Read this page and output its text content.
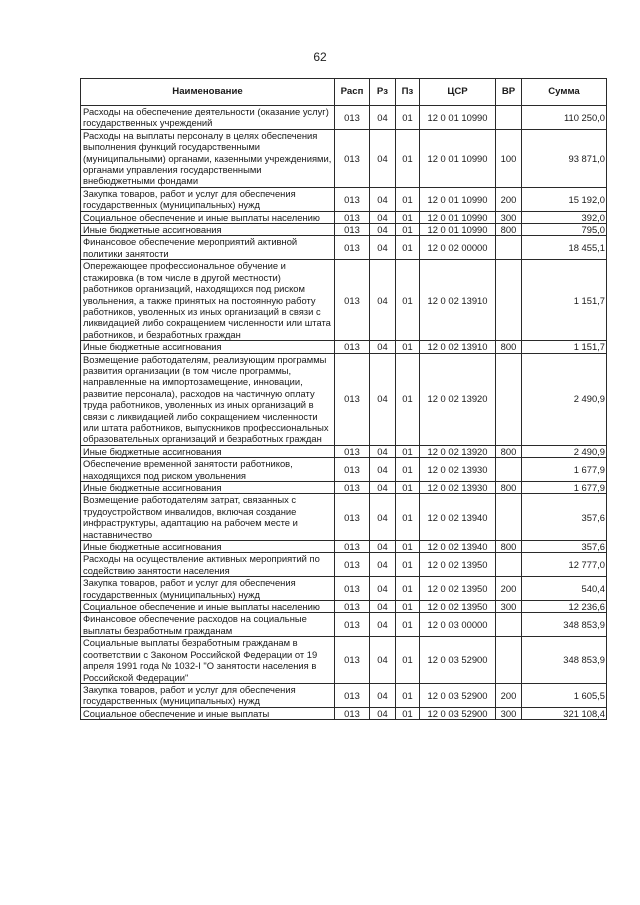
62
Наименование	Расп	Рз	Пз	ЦСР	ВР	Сумма
Расходы на обеспечение деятельности (оказание услуг) государственных учреждений	013	04	01	12 0 01 10990		110 250,0
Расходы на выплаты персоналу в целях обеспечения выполнения функций государственными (муниципальными) органами, казенными учреждениями, органами управления государственными внебюджетными фондами	013	04	01	12 0 01 10990	100	93 871,0
Закупка товаров, работ и услуг для обеспечения государственных (муниципальных) нужд	013	04	01	12 0 01 10990	200	15 192,0
Социальное обеспечение и иные выплаты населению	013	04	01	12 0 01 10990	300	392,0
Иные бюджетные ассигнования	013	04	01	12 0 01 10990	800	795,0
Финансовое обеспечение мероприятий активной политики занятости	013	04	01	12 0 02 00000		18 455,1
Опережающее профессиональное обучение и стажировка (в том числе в другой местности) работников организаций, находящихся под риском увольнения, а также принятых на постоянную работу работников, уволенных из иных организаций в связи с ликвидацией либо сокращением численности или штата работников, и безработных граждан	013	04	01	12 0 02 13910		1 151,7
Иные бюджетные ассигнования	013	04	01	12 0 02 13910	800	1 151,7
Возмещение работодателям, реализующим программы развития организации (в том числе программы, направленные на импортозамещение, инновации, развитие персонала), расходов на частичную оплату труда работников, уволенных из иных организаций в связи с ликвидацией либо сокращением численности или штата работников, выпускников профессиональных образовательных организаций и безработных граждан	013	04	01	12 0 02 13920		2 490,9
Иные бюджетные ассигнования	013	04	01	12 0 02 13920	800	2 490,9
Обеспечение временной занятости работников, находящихся под риском увольнения	013	04	01	12 0 02 13930		1 677,9
Иные бюджетные ассигнования	013	04	01	12 0 02 13930	800	1 677,9
Возмещение работодателям затрат, связанных с трудоустройством инвалидов, включая создание инфраструктуры, адаптацию на рабочем месте и наставничество	013	04	01	12 0 02 13940		357,6
Иные бюджетные ассигнования	013	04	01	12 0 02 13940	800	357,6
Расходы на осуществление активных мероприятий по содействию занятости населения	013	04	01	12 0 02 13950		12 777,0
Закупка товаров, работ и услуг для обеспечения государственных (муниципальных) нужд	013	04	01	12 0 02 13950	200	540,4
Социальное обеспечение и иные выплаты населению	013	04	01	12 0 02 13950	300	12 236,6
Финансовое обеспечение расходов на социальные выплаты безработным гражданам	013	04	01	12 0 03 00000		348 853,9
Социальные выплаты безработным гражданам в соответствии с Законом Российской Федерации от 19 апреля 1991 года № 1032-I "О занятости населения в Российской Федерации"	013	04	01	12 0 03 52900		348 853,9
Закупка товаров, работ и услуг для обеспечения государственных (муниципальных) нужд	013	04	01	12 0 03 52900	200	1 605,5
Социальное обеспечение и иные выплаты	013	04	01	12 0 03 52900	300	321 108,4
